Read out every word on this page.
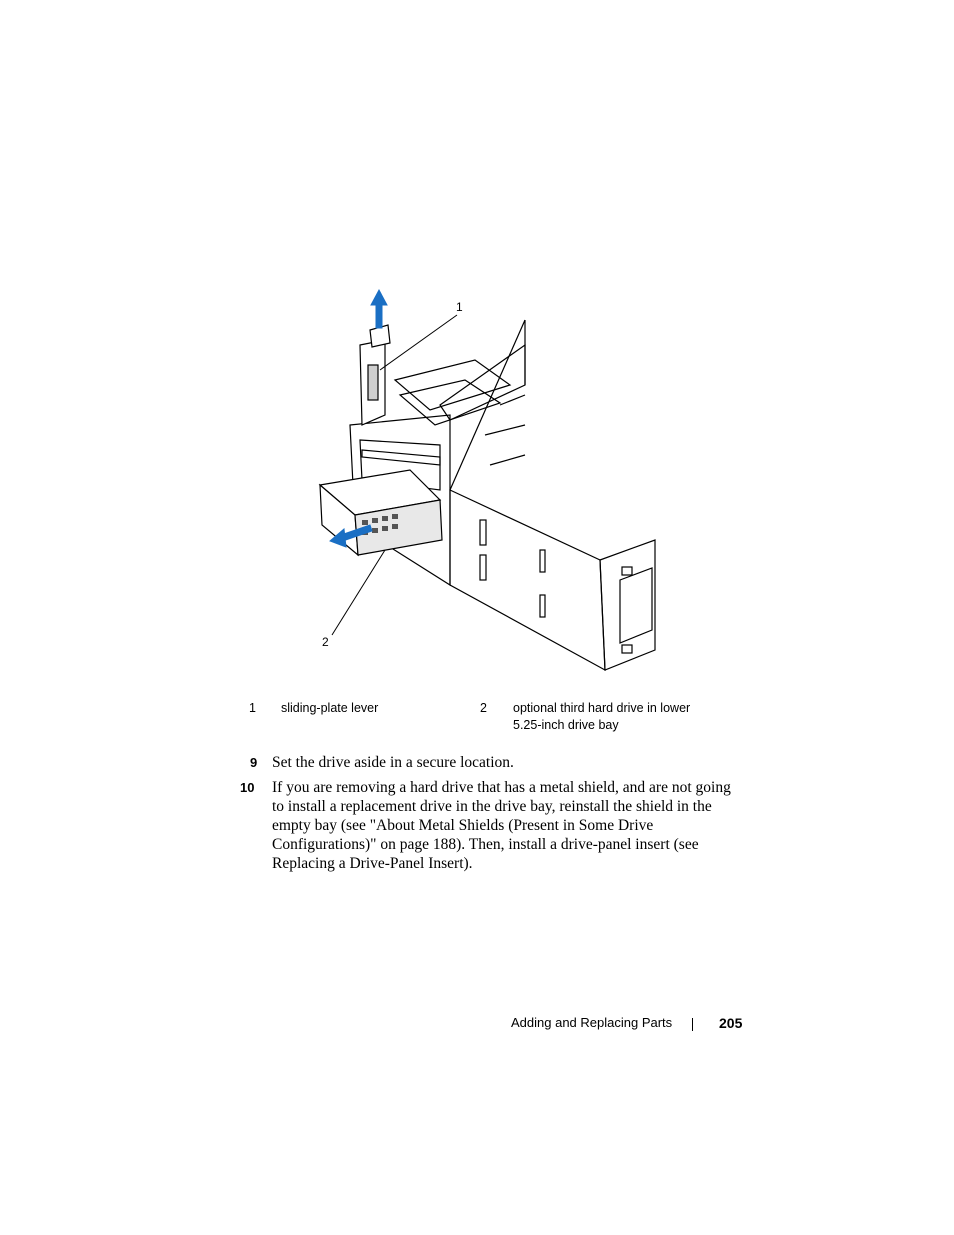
1
2
1 sliding-plate lever	2 optional third hard drive in lower
5.25-inch drive bay
9 Set the drive aside in a secure location.
10 If you are removing a hard drive that has a metal shield, and are not going to install a replacement drive in the drive bay, reinstall the shield in the empty bay (see "About Metal Shields (Present in Some Drive Configurations)" on page 188). Then, install a drive-panel insert (see Replacing a Drive-Panel Insert).
Adding and Replacing Parts	205
